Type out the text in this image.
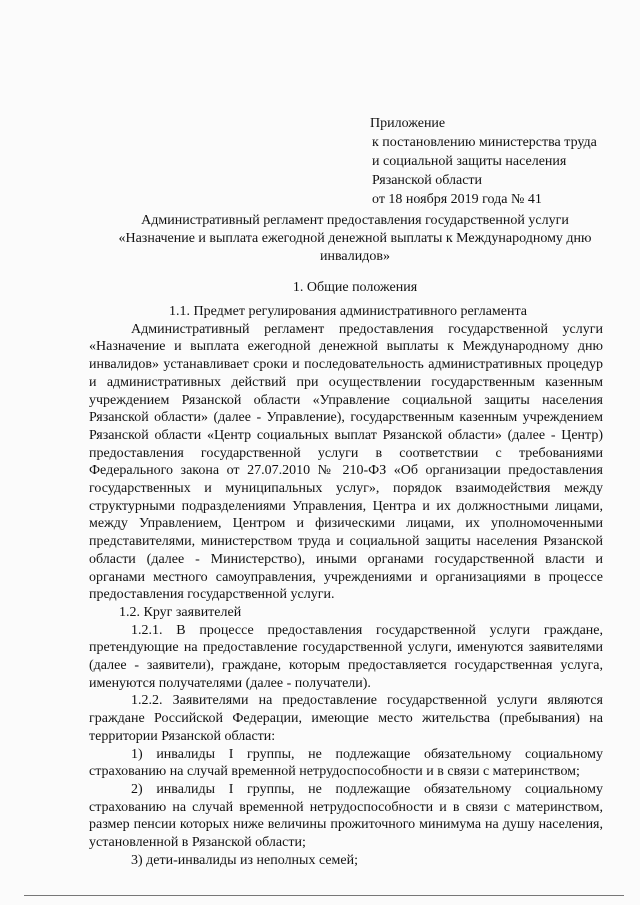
Приложение
к постановлению министерства труда
и социальной защиты населения
Рязанской области
от 18 ноября 2019 года № 41
Административный регламент предоставления государственной услуги
«Назначение и выплата ежегодной денежной выплаты к Международному дню
инвалидов»
1. Общие положения

1.1. Предмет регулирования административного регламента

Административный регламент предоставления государственной услуги «Назначение и выплата ежегодной денежной выплаты к Международному дню инвалидов» устанавливает сроки и последовательность административных процедур и административных действий при осуществлении государственным казенным учреждением Рязанской области «Управление социальной защиты населения Рязанской области» (далее - Управление), государственным казенным учреждением Рязанской области «Центр социальных выплат Рязанской области» (далее - Центр) предоставления государственной услуги в соответствии с требованиями Федерального закона от 27.07.2010 № 210-ФЗ «Об организации предоставления государственных и муниципальных услуг», порядок взаимодействия между структурными подразделениями Управления, Центра и их должностными лицами, между Управлением, Центром и физическими лицами, их уполномоченными представителями, министерством труда и социальной защиты населения Рязанской области (далее - Министерство), иными органами государственной власти и органами местного самоуправления, учреждениями и организациями в процессе предоставления государственной услуги.

1.2. Круг заявителей

1.2.1. В процессе предоставления государственной услуги граждане, претендующие на предоставление государственной услуги, именуются заявителями (далее - заявители), граждане, которым предоставляется государственная услуга, именуются получателями (далее - получатели).

1.2.2. Заявителями на предоставление государственной услуги являются граждане Российской Федерации, имеющие место жительства (пребывания) на территории Рязанской области:

1) инвалиды I группы, не подлежащие обязательному социальному страхованию на случай временной нетрудоспособности и в связи с материнством;

2) инвалиды I группы, не подлежащие обязательному социальному страхованию на случай временной нетрудоспособности и в связи с материнством, размер пенсии которых ниже величины прожиточного минимума на душу населения, установленной в Рязанской области;

3) дети-инвалиды из неполных семей;
